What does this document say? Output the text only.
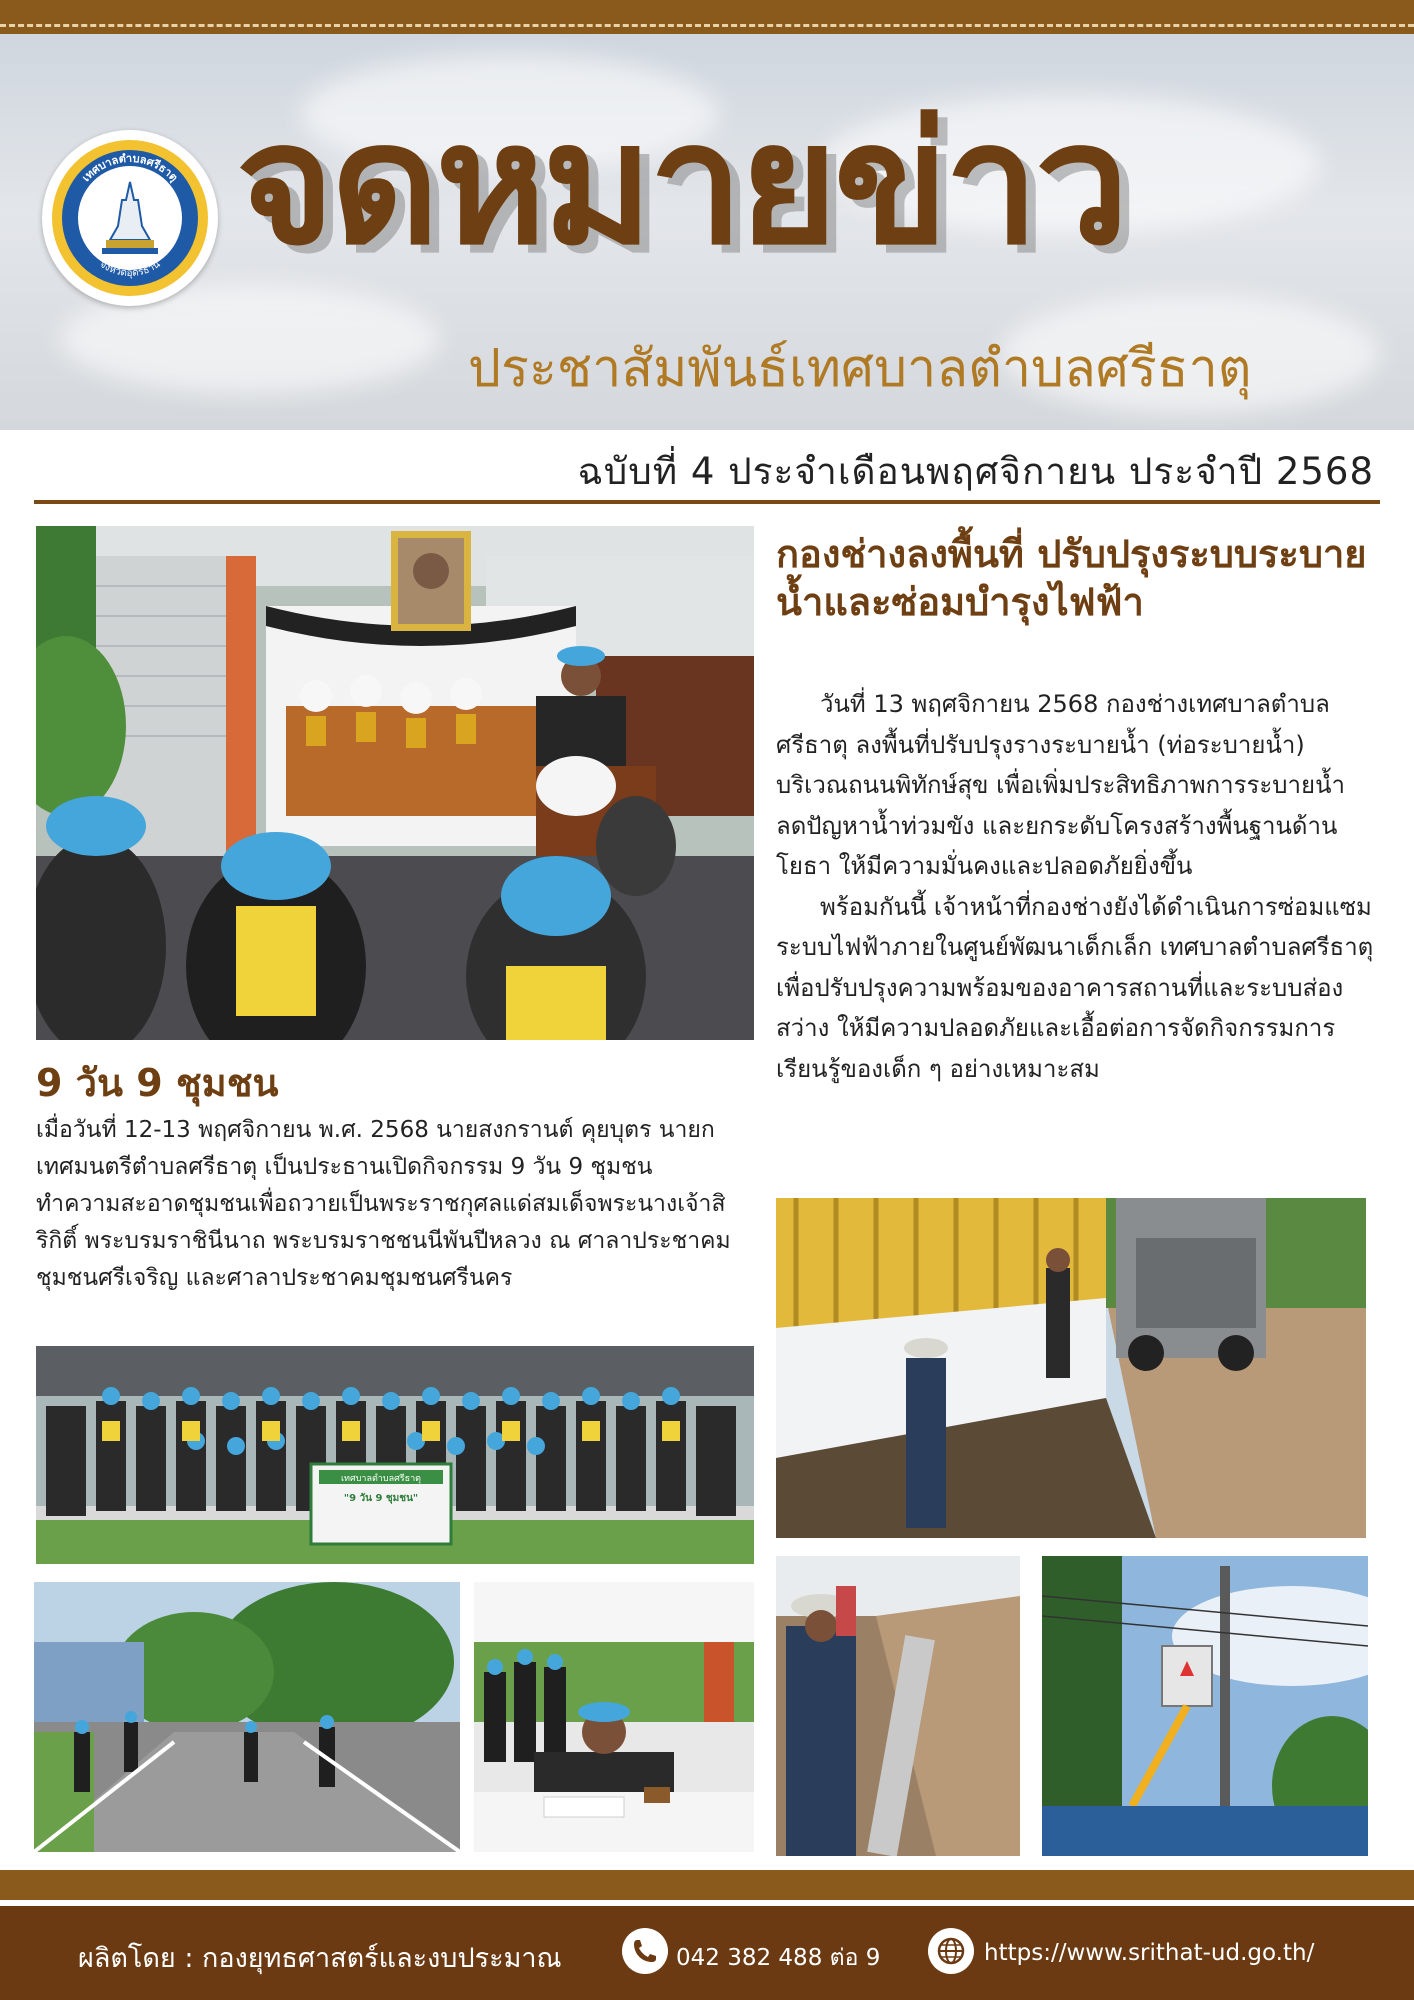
เทศบาลตำบลศรีธาตุ
จังหวัดอุดรธานี จดหมายข่าว
ประชาสัมพันธ์เทศบาลตำบลศรีธาตุ
ฉบับที่ 4 ประจำเดือนพฤศจิกายน ประจำปี 2568
9 วัน 9 ชุมชน
เมื่อวันที่ 12-13 พฤศจิกายน พ.ศ. 2568 นายสงกรานต์ คุยบุตร นายกเทศมนตรีตำบลศรีธาตุ เป็นประธานเปิดกิจกรรม 9 วัน 9 ชุมชน ทำความสะอาดชุมชนเพื่อถวายเป็นพระราชกุศลแด่สมเด็จพระนางเจ้าสิริกิติ์ พระบรมราชินีนาถ พระบรมราชชนนีพันปีหลวง ณ ศาลาประชาคมชุมชนศรีเจริญ และศาลาประชาคมชุมชนศรีนคร
เทศบาลตำบลศรีธาตุ
"9 วัน 9 ชุมชน"
กองช่างลงพื้นที่ ปรับปรุงระบบระบายน้ำและซ่อมบำรุงไฟฟ้า

วันที่ 13 พฤศจิกายน 2568 กองช่างเทศบาลตำบลศรีธาตุ ลงพื้นที่ปรับปรุงรางระบายน้ำ (ท่อระบายน้ำ) บริเวณถนนพิทักษ์สุข เพื่อเพิ่มประสิทธิภาพการระบายน้ำ ลดปัญหาน้ำท่วมขัง และยกระดับโครงสร้างพื้นฐานด้านโยธา ให้มีความมั่นคงและปลอดภัยยิ่งขึ้น

พร้อมกันนี้ เจ้าหน้าที่กองช่างยังได้ดำเนินการซ่อมแซมระบบไฟฟ้าภายในศูนย์พัฒนาเด็กเล็ก เทศบาลตำบลศรีธาตุ เพื่อปรับปรุงความพร้อมของอาคารสถานที่และระบบส่องสว่าง ให้มีความปลอดภัยและเอื้อต่อการจัดกิจกรรมการเรียนรู้ของเด็ก ๆ อย่างเหมาะสม

ผลิตโดย : กองยุทธศาสตร์และงบประมาณ	042 382 488 ต่อ 9	https://www.srithat-ud.go.th/
